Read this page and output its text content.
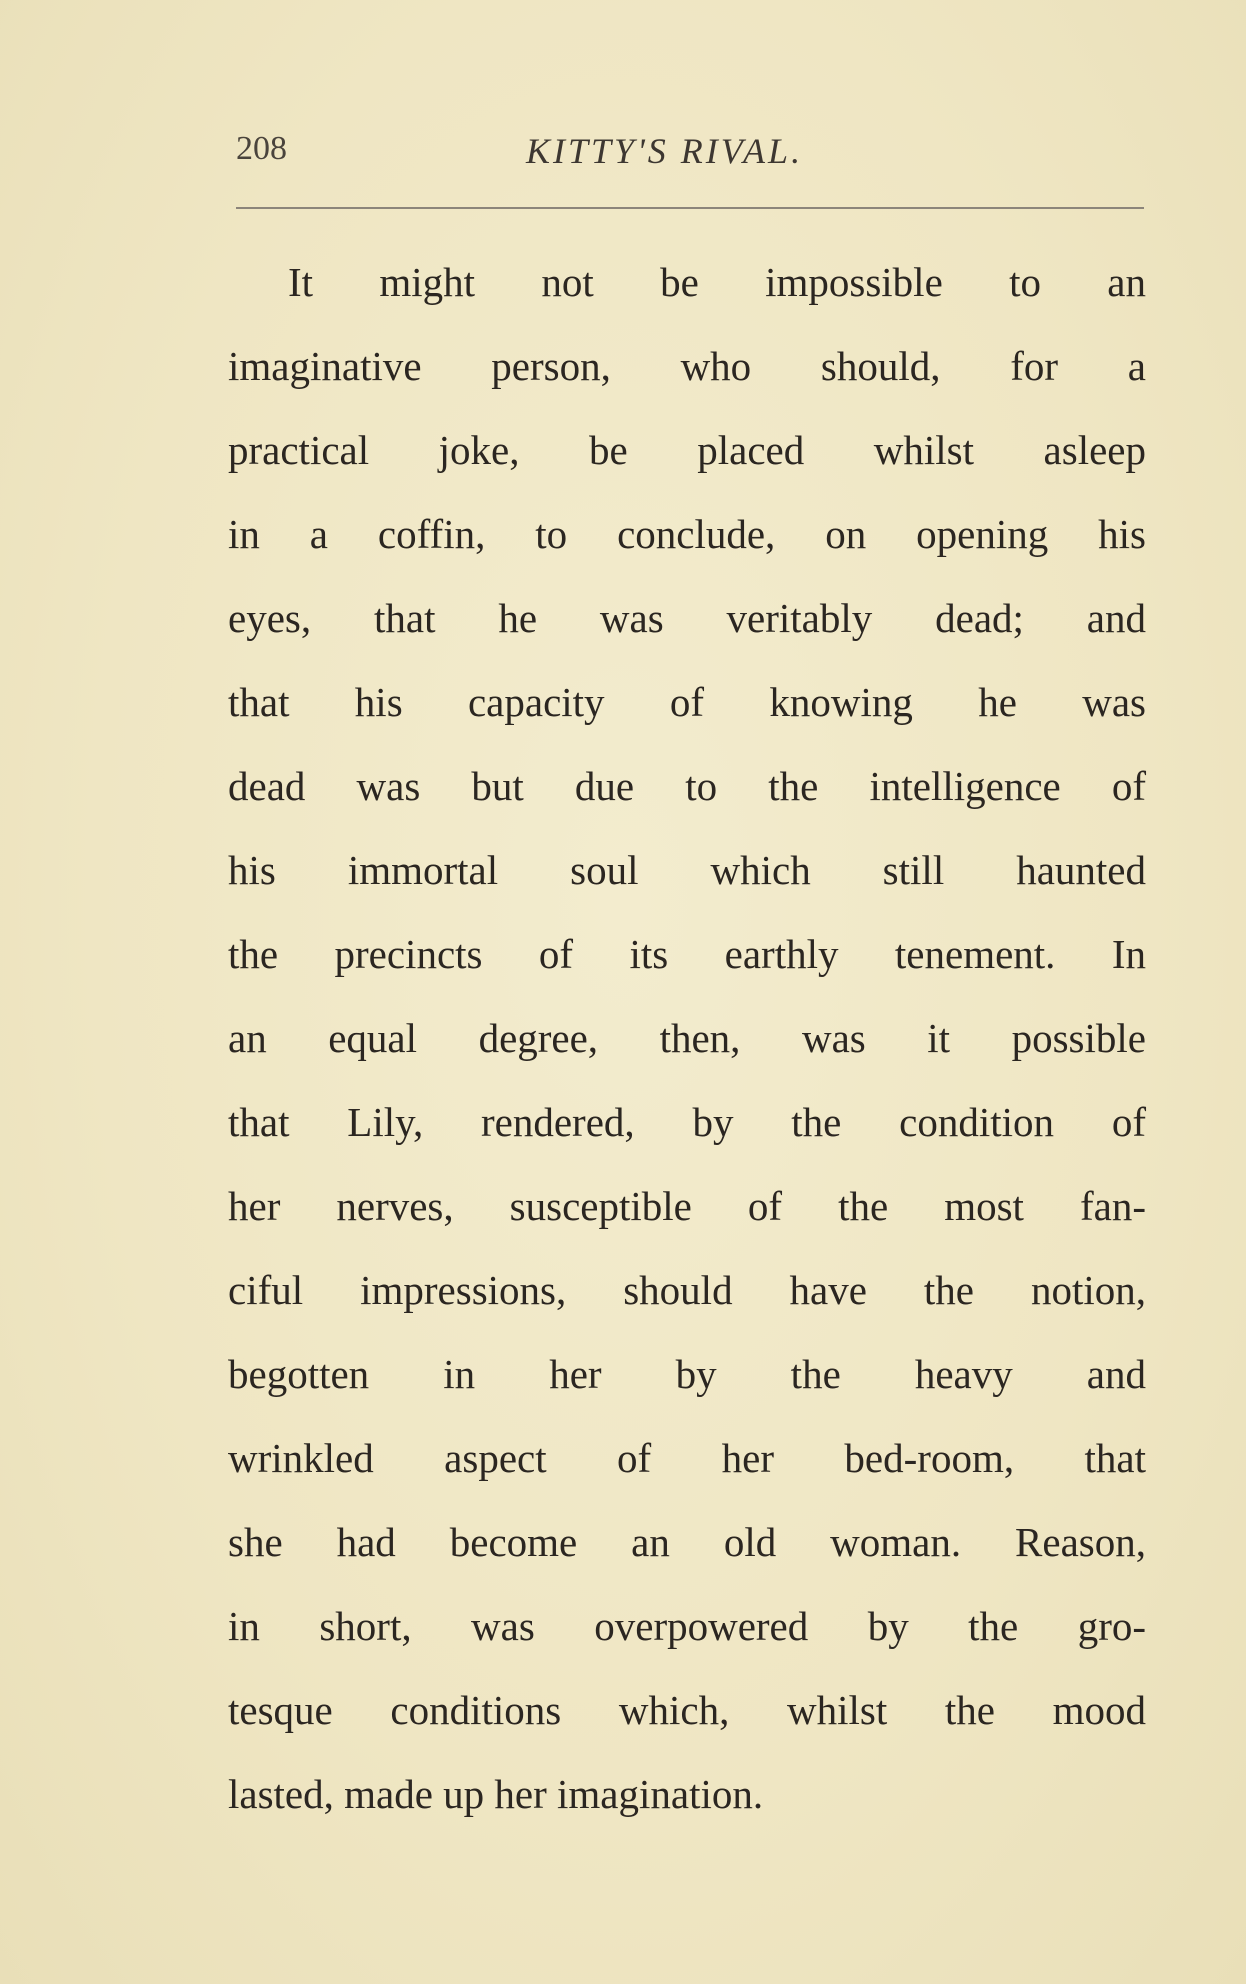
208	KITTY'S RIVAL.
It might not be impossible to an
imaginative person, who should, for a
practical joke, be placed whilst asleep
in a coffin, to conclude, on opening his
eyes, that he was veritably dead; and
that his capacity of knowing he was
dead was but due to the intelligence of
his immortal soul which still haunted
the precincts of its earthly tenement. In
an equal degree, then, was it possible
that Lily, rendered, by the condition of
her nerves, susceptible of the most fan-
ciful impressions, should have the notion,
begotten in her by the heavy and
wrinkled aspect of her bed-room, that
she had become an old woman. Reason,
in short, was overpowered by the gro-
tesque conditions which, whilst the mood
lasted, made up her imagination.
